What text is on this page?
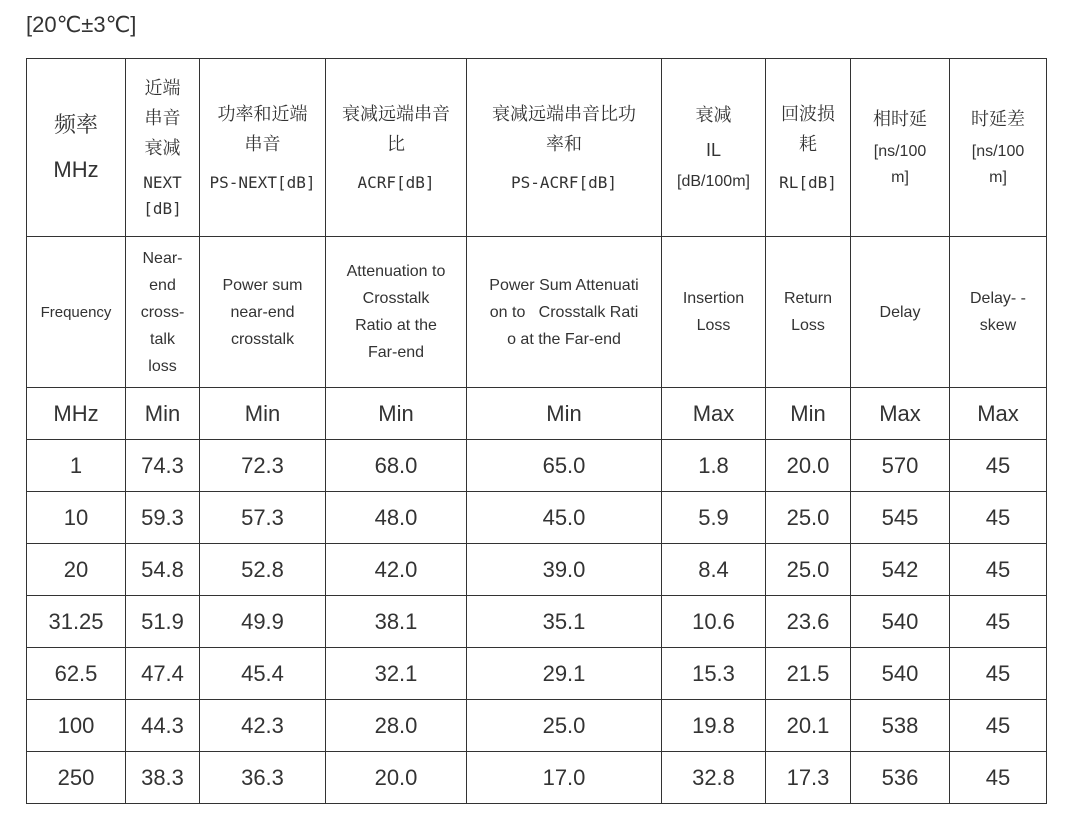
[20℃±3℃]
频率
MHz	近端
串音
衰减
NEXT
[dB]	功率和近端
串音
PS-NEXT[dB]	衰减远端串音
比
ACRF[dB]	衰减远端串音比功
率和
PS-ACRF[dB]	衰减
IL
[dB/100m]	回波损
耗
RL[dB]	相时延
[ns/100
m]	时延差
[ns/100
m]

Frequency	Near-
end
cross-
talk
loss	Power sum
near-end
crosstalk	Attenuation to
Crosstalk
Ratio at the
Far-end	Power Sum Attenuati
on to   Crosstalk Rati
o at the Far-end	Insertion
Loss	Return
Loss	Delay	Delay- -
skew

MHz	Min	Min	Min	Min	Max	Min	Max	Max
1	74.3	72.3	68.0	65.0	1.8	20.0	570	45
10	59.3	57.3	48.0	45.0	5.9	25.0	545	45
20	54.8	52.8	42.0	39.0	8.4	25.0	542	45
31.25	51.9	49.9	38.1	35.1	10.6	23.6	540	45
62.5	47.4	45.4	32.1	29.1	15.3	21.5	540	45
100	44.3	42.3	28.0	25.0	19.8	20.1	538	45
250	38.3	36.3	20.0	17.0	32.8	17.3	536	45
